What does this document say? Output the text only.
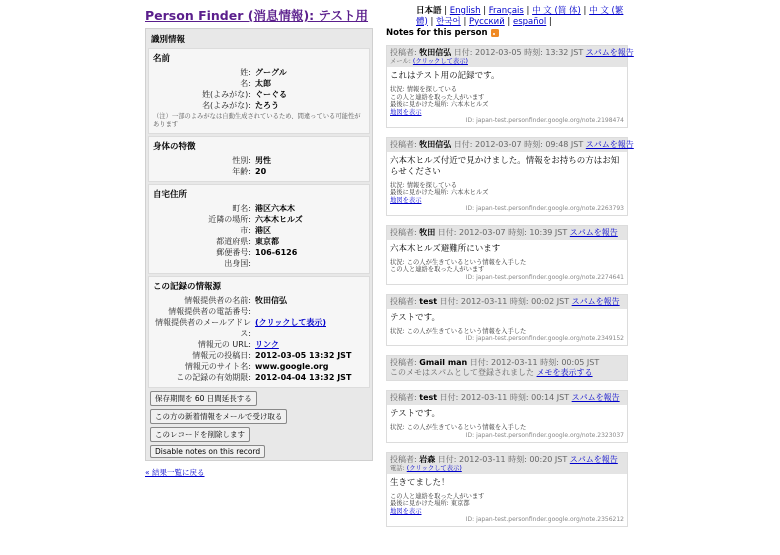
Person Finder (消息情報): テスト用	日本語 | English | Français | 中 文 (简 体) | 中 文 (繁 體) | 한국어 | Русский | español |
識別情報
名前
姓: グーグル
名: 太郎
姓(よみがな): ぐーぐる
名(よみがな): たろう
（注）一部のよみがなは自動生成されているため、間違っている可能性があります
身体の特徴
性別: 男性
年齢: 20
自宅住所
町名: 港区六本木
近隣の場所: 六本木ヒルズ
市: 港区
都道府県: 東京都
郵便番号: 106-6126
出身国:
この記録の情報源
情報提供者の名前: 牧田信弘
情報提供者の電話番号:
情報提供者のメールアドレス:
(クリックして表示)
情報元の URL: リンク
情報元の投稿日: 2012-03-05 13:32 JST
情報元のサイト名: www.google.org
この記録の有効期限: 2012-04-04 13:32 JST
保存期間を 60 日間延長する
この方の新着情報をメールで受け取る
このレコードを削除します
Disable notes on this record
« 結果一覧に戻る
Notes for this person
投稿者: 牧田信弘 日付: 2012-03-05 時刻: 13:32 JST スパムを報告
メール: (クリックして表示)
これはテスト用の記録です。
状況: 情報を探している
この人と連絡を取った人がいます
最後に見かけた場所: 六本木ヒルズ
地図を表示
ID: japan-test.personfinder.google.org/note.2198474
投稿者: 牧田信弘 日付: 2012-03-07 時刻: 09:48 JST スパムを報告
六本木ヒルズ付近で見かけました。情報をお持ちの方はお知らせください
状況: 情報を探している
最後に見かけた場所: 六本木ヒルズ
地図を表示
ID: japan-test.personfinder.google.org/note.2263793
投稿者: 牧田 日付: 2012-03-07 時刻: 10:39 JST スパムを報告
六本木ヒルズ避難所にいます
状況: この人が生きているという情報を入手した
この人と連絡を取った人がいます
ID: japan-test.personfinder.google.org/note.2274641
投稿者: test 日付: 2012-03-11 時刻: 00:02 JST スパムを報告
テストです。
状況: この人が生きているという情報を入手した
ID: japan-test.personfinder.google.org/note.2349152
投稿者: Gmail man 日付: 2012-03-11 時刻: 00:05 JST
このメモはスパムとして登録されました メモを表示する
投稿者: test 日付: 2012-03-11 時刻: 00:14 JST スパムを報告
テストです。
状況: この人が生きているという情報を入手した
ID: japan-test.personfinder.google.org/note.2323037
投稿者: 岩森 日付: 2012-03-11 時刻: 00:20 JST スパムを報告
電話: (クリックして表示)
生きてました！
この人と連絡を取った人がいます
最後に見かけた場所: 東京都
地図を表示
ID: japan-test.personfinder.google.org/note.2356212
